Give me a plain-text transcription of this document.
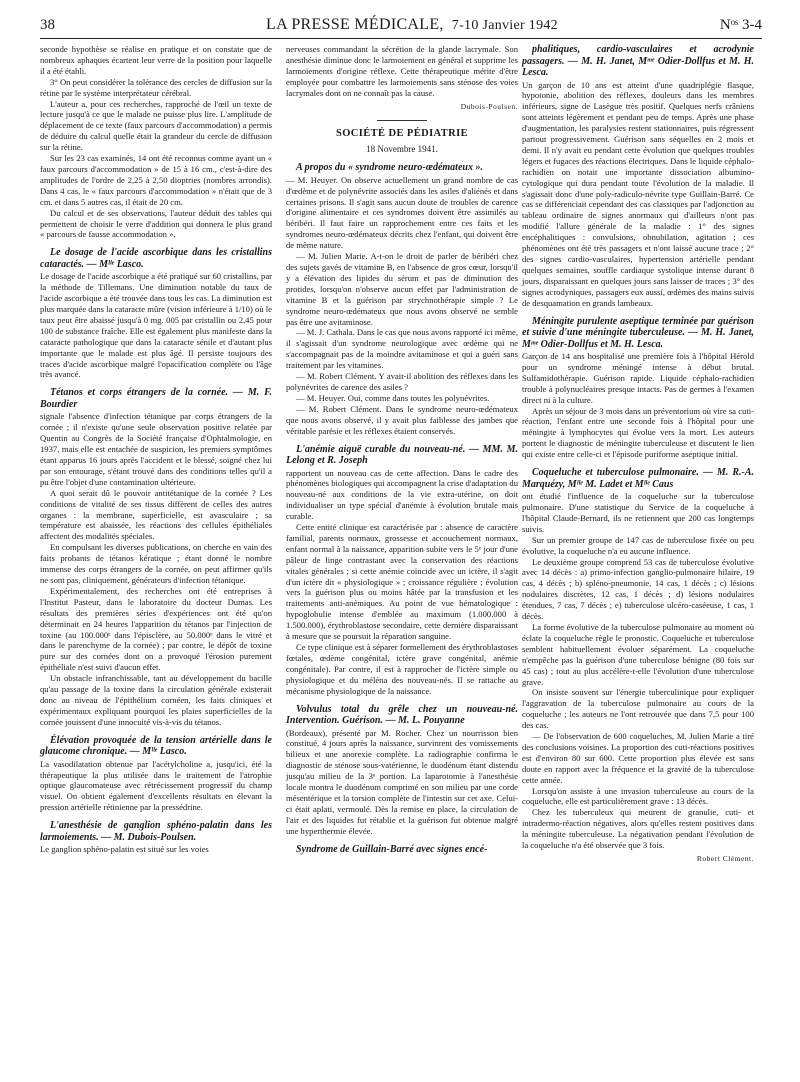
38	LA PRESSE MÉDICALE, 7-10 Janvier 1942	Nᵒˢ 3-4

seconde hypothèse se réalise en pratique et on constate que de nombreux aphaques écartent leur verre de la position pour laquelle il a été établi.

3° On peut considérer la tolérance des cercles de diffusion sur la rétine par le système interprétateur cérébral.

L'auteur a, pour ces recherches, rapproché de l'œil un texte de lecture jusqu'à ce que le malade ne puisse plus lire. L'amplitude de déplacement de ce texte (faux parcours d'accommodation) a permis de déduire du calcul quelle était la grandeur du cercle de diffusion sur la rétine.

Sur les 23 cas examinés, 14 ont été reconnus comme ayant un « faux parcours d'accommodation » de 15 à 16 cm., c'est-à-dire des amplitudes de l'ordre de 2,25 à 2,50 dioptries (nombres arrondis). Dans 4 cas, le « faux parcours d'accommodation » n'était que de 3 cm. et dans 5 autres cas, il était de 20 cm.

Du calcul et de ses observations, l'auteur déduit des tables qui permettent de choisir le verre d'addition qui donnera le plus grand « parcours de fausse accommodation ».

Le dosage de l'acide ascorbique dans les cristallins cataractés. — Mˡˡᵉ Lasco.

Le dosage de l'acide ascorbique a été pratiqué sur 60 cristallins, par la méthode de Tillemans. Une diminution notable du taux de l'acide ascorbique a été trouvée dans tous les cas. La diminution est plus marquée dans la cataracte mûre (vision inférieure à 1/10) où le taux peut être abaissé jusqu'à 0 mg. 005 par cristallin ou 2,45 pour 100 de substance fraîche. Elle est également plus manifeste dans la cataracte pathologique que dans la cataracte sénile et d'autant plus importante que le malade est plus âgé. Il persiste toujours des traces d'acide ascorbique malgré l'opacification complète ou l'âge très avancé.

Tétanos et corps étrangers de la cornée. — M. F. Bourdier

signale l'absence d'infection tétanique par corps étrangers de la cornée ; il n'existe qu'une seule observation positive relatée par Quentin au Congrès de la Société française d'Ophtalmologie, en 1937, mais elle est entachée de suspicion, les premiers symptômes étant apparus 16 jours après l'accident et le blessé, soigné chez lui par son entourage, s'étant trouvé dans des conditions telles qu'il a pu être l'objet d'une contamination ultérieure.

A quoi serait dû le pouvoir antitétanique de la cornée ? Les conditions de vitalité de ses tissus diffèrent de celles des autres organes : la membrane, superficielle, est avasculaire ; sa température est abaissée, les réactions des cellules épithéliales affectent des modalités spéciales.

En compulsant les diverses publications, on cherche en vain des faits probants de tétanos kératique ; étant donné le nombre immense des corps étrangers de la cornée, on peut affirmer qu'ils ne sont pas, cliniquement, générateurs d'infection tétanique.

Expérimentalement, des recherches ont été entreprises à l'Institut Pasteur, dans le laboratoire du docteur Dumas. Les résultats des premières séries d'expériences ont été qu'on déterminait en 24 heures l'apparition du tétanos par l'injection de toxine (au 100.000ᵉ dans l'épisclère, au 50.000ᵉ dans le vitré et dans le parenchyme de la cornée) ; par contre, le dépôt de toxine pure sur des cornées dont on a provoqué l'érosion purement épithéliale n'est suivi d'aucun effet.

Un obstacle infranchissable, tant au développement du bacille qu'au passage de la toxine dans la circulation générale existerait donc au niveau de l'épithélium cornéen, les faits cliniques et expérimentaux expliquant pourquoi les plaies superficielles de la cornée jouissent d'une innocuité vis-à-vis du tétanos.

Élévation provoquée de la tension artérielle dans le glaucome chronique. — Mˡˡᵉ Lasco.

La vasodilatation obtenue par l'acétylcholine a, jusqu'ici, été la thérapeutique la plus utilisée dans le traitement de l'atrophie optique glaucomateuse avec rétrécissement progressif du champ visuel. On obtient également d'excellents résultats en élevant la pression artérielle rétinienne par la pressédrine.

L'anesthésie de ganglion sphéno-palatin dans les larmoiements. — M. Dubois-Poulsen.

Le ganglion sphéno-palatin est situé sur les voies

nerveuses commandant la sécrétion de la glande lacrymale. Son anesthésie diminue donc le larmoiement en général et supprime les larmoiements d'origine réflexe. Cette thérapeutique mérite d'être employée pour combattre les larmoiements sans sténose des voies lacrymales dont on ne connaît pas la cause.

Dubois-Poulsen.
SOCIÉTÉ DE PÉDIATRIE
18 Novembre 1941.
A propos du « syndrome neuro-œdémateux ».

— M. Heuyer. On observe actuellement un grand nombre de cas d'œdème et de polynévrite associés dans les asiles d'aliénés et dans certaines prisons. Il s'agit sans aucun doute de troubles de carence d'origine alimentaire et ces syndromes doivent être assimilés au béribéri. Il faut faire un rapprochement entre ces faits et les syndromes neuro-œdémateux décrits chez l'enfant, qui doivent être de même nature.

— M. Julien Marie. A-t-on le droit de parler de béribéri chez des sujets gavés de vitamine B, en l'absence de gros cœur, lorsqu'il y a élévation des lipides du sérum et pas de diminution des protides, lorsqu'on n'observe aucun effet par l'administration de vitamine B et la guérison par strychnothérapie simple ? Le syndrome neuro-œdémateux que nous avons observé ne semble pas être une avitaminose.

— M. J. Cathala. Dans le cas que nous avons rapporté ici même, il s'agissait d'un syndrome neurologique avec œdème qui ne s'accompagnait pas de la moindre avitaminose et qui a guéri sans traitement par les vitamines.

— M. Robert Clément. Y avait-il abolition des réflexes dans les polynévrites de carence des asiles ?

— M. Heuyer. Oui, comme dans toutes les polynévrites.

— M. Robert Clément. Dans le syndrome neuro-œdémateux que nous avons observé, il y avait plus faiblesse des jambes que véritable parésie et les réflexes étaient conservés.

L'anémie aiguë curable du nouveau-né. — MM. M. Lelong et R. Joseph

rapportent un nouveau cas de cette affection. Dans le cadre des phénomènes biologiques qui accompagnent la crise d'adaptation du nouveau-né aux conditions de la vie extra-utérine, on doit individualiser un type spécial d'anémie à évolution brutale mais curable.

Cette entité clinique est caractérisée par : absence de caractère familial, parents normaux, grossesse et accouchement normaux, enfant normal à la naissance, apparition subite vers le 5ᵉ jour d'une pâleur de linge contrastant avec la conservation des réactions vitales générales ; si cette anémie coïncide avec un ictère, il s'agit d'un ictère dit « physiologique » ; croissance régulière ; évolution vers la guérison plus ou moins hâtée par la transfusion et les traitements anti-anémiques. Au point de vue hématologique : hypoglobulie intense d'emblée au maximum (1.000.000 à 1.500.000), érythroblastose secondaire, cette dernière disparaissant à mesure que se poursuit la réparation sanguine.

Ce type clinique est à séparer formellement des érythroblastoses fœtales, œdème congénital, ictère grave congénital, anémie congénitale). Par contre, il est à rapprocher de l'ictère simple ou physiologique et du méléna des nouveau-nés. Il se rattache au mécanisme physiologique de la naissance.

Volvulus total du grêle chez un nouveau-né. Intervention. Guérison. — M. L. Pouyanne

(Bordeaux), présenté par M. Rocher. Chez un nourrisson bien constitué, 4 jours après la naissance, survinrent des vomissements bilieux et une anorexie complète. La radiographie confirma le diagnostic de sténose sous-vatérienne, le duodénum étant distendu jusqu'au milieu de la 3ᵉ portion. La laparotomie à l'anesthésie locale montra le duodénum comprimé en son milieu par une corde mésentérique et la torsion complète de l'intestin sur cet axe. Celui-ci était aplati, vermoulé. Dès la remise en place, la circulation de l'air et des liquides fut rétablie et la guérison fut obtenue malgré une hyperthermie élevée.

Syndrome de Guillain-Barré avec signes encé-
phalitiques, cardio-vasculaires et acrodynie passagers. — M. H. Janet, Mᵐᵉ Odier-Dollfus et M. H. Lesca.

Un garçon de 10 ans est atteint d'une quadriplégie flasque, hypotonie, abolition des réflexes, douleurs dans les membres inférieurs, signe de Lasègue très positif. Quelques nerfs crâniens sont atteints légèrement et pendant peu de temps. Après une phase d'augmentation, les paralysies restent stationnaires, puis régressent partout progressivement. Guérison sans séquelles en 2 mois et demi. Il n'y avait eu pendant cette évolution que quelques troubles légers et fugaces des réactions électriques. Dans le liquide céphalo-rachidien on notait une importante dissociation albumino-cytologique qui dura pendant toute l'évolution de la maladie. Il s'agissait donc d'une poly-radiculo-névrite type Guillain-Barré. Ce cas se différenciait cependant des cas classiques par l'adjonction au tableau ordinaire de signes anormaux qui d'ailleurs n'ont pas modifié l'allure générale de la maladie : 1° des signes encéphalitiques : convulsions, obnubilation, agitation ; ces phénomènes ont été très passagers et n'ont laissé aucune trace ; 2° des signes cardio-vasculaires, hypertension artérielle pendant quelques semaines, souffle cardiaque systolique intense durant 8 jours, disparaissant en quelques jours sans laisser de traces ; 3° des signes acrodyniques, passagers eux aussi, œdèmes des mains suivis de desquamation en grands lambeaux.

Méningite purulente aseptique terminée par guérison et suivie d'une méningite tuberculeuse. — M. H. Janet, Mᵐᵉ Odier-Dollfus et M. H. Lesca.

Garçon de 14 ans hospitalisé une première fois à l'hôpital Hérold pour un syndrome méningé intense à début brutal. Sulfamidothérapie. Guérison rapide. Liquide céphalo-rachidien trouble à polynucléaires presque intacts. Pas de germes à l'examen direct ni à la culture.

Après un séjour de 3 mois dans un préventorium où vire sa cuti-réaction, l'enfant entre une seconde fois à l'hôpital pour une méningite à lymphocytes qui évolue vers la mort. Les auteurs portent le diagnostic de méningite tuberculeuse et discutent le lien qui existe entre celle-ci et l'épisode puriforme aseptique initial.

Coqueluche et tuberculose pulmonaire. — M. R.-A. Marquézy, Mˡˡᵉ M. Ladet et Mˡˡᵉ Caus

ont étudié l'influence de la coqueluche sur la tuberculose pulmonaire. D'une statistique du Service de la coqueluche à l'hôpital Claude-Bernard, ils ne retiennent que 200 cas longtemps suivis.

Sur un premier groupe de 147 cas de tuberculose fixée ou peu évolutive, la coqueluche n'a eu aucune influence.

Le deuxième groupe comprend 53 cas de tuberculose évolutive avec 14 décès : a) primo-infection ganglio-pulmonaire hilaire, 19 cas, 4 décès ; b) spléno-pneumonie, 14 cas, 1 décès ; c) lésions nodulaires discrètes, 12 cas, 1 décès ; d) lésions nodulaires étendues, 7 cas, 7 décès ; e) tuberculose ulcéro-caséeuse, 1 cas, 1 décès.

La forme évolutive de la tuberculose pulmonaire au moment où éclate la coqueluche règle le pronostic. Coqueluche et tuberculose semblent habituellement évoluer séparément. La coqueluche n'empêche pas la guérison d'une tuberculose bénigne (80 fois sur 45 cas) ; tout au plus accélère-t-elle l'évolution d'une tuberculose grave.

On insiste souvent sur l'énergie tuberculinique pour expliquer l'aggravation de la tuberculose pulmonaire au cours de la coqueluche ; les auteurs ne l'ont retrouvée que dans 7,5 pour 100 des cas.

— De l'observation de 600 coqueluches, M. Julien Marie a tiré des conclusions voisines. La proportion des cuti-réactions positives est d'environ 80 sur 600. Cette proportion plus élevée est sans doute en rapport avec la fréquence et la gravité de la tuberculose cette année.

Lorsqu'on assiste à une invasion tuberculeuse au cours de la coqueluche, elle est particulièrement grave : 13 décès.

Chez les tuberculeux qui meurent de granulie, cuti- et intradermo-réaction négatives, alors qu'elles restent positives dans la méningite tuberculeuse. La négativation pendant l'évolution de la coqueluche n'a été observée que 3 fois.

Robert Clément.
